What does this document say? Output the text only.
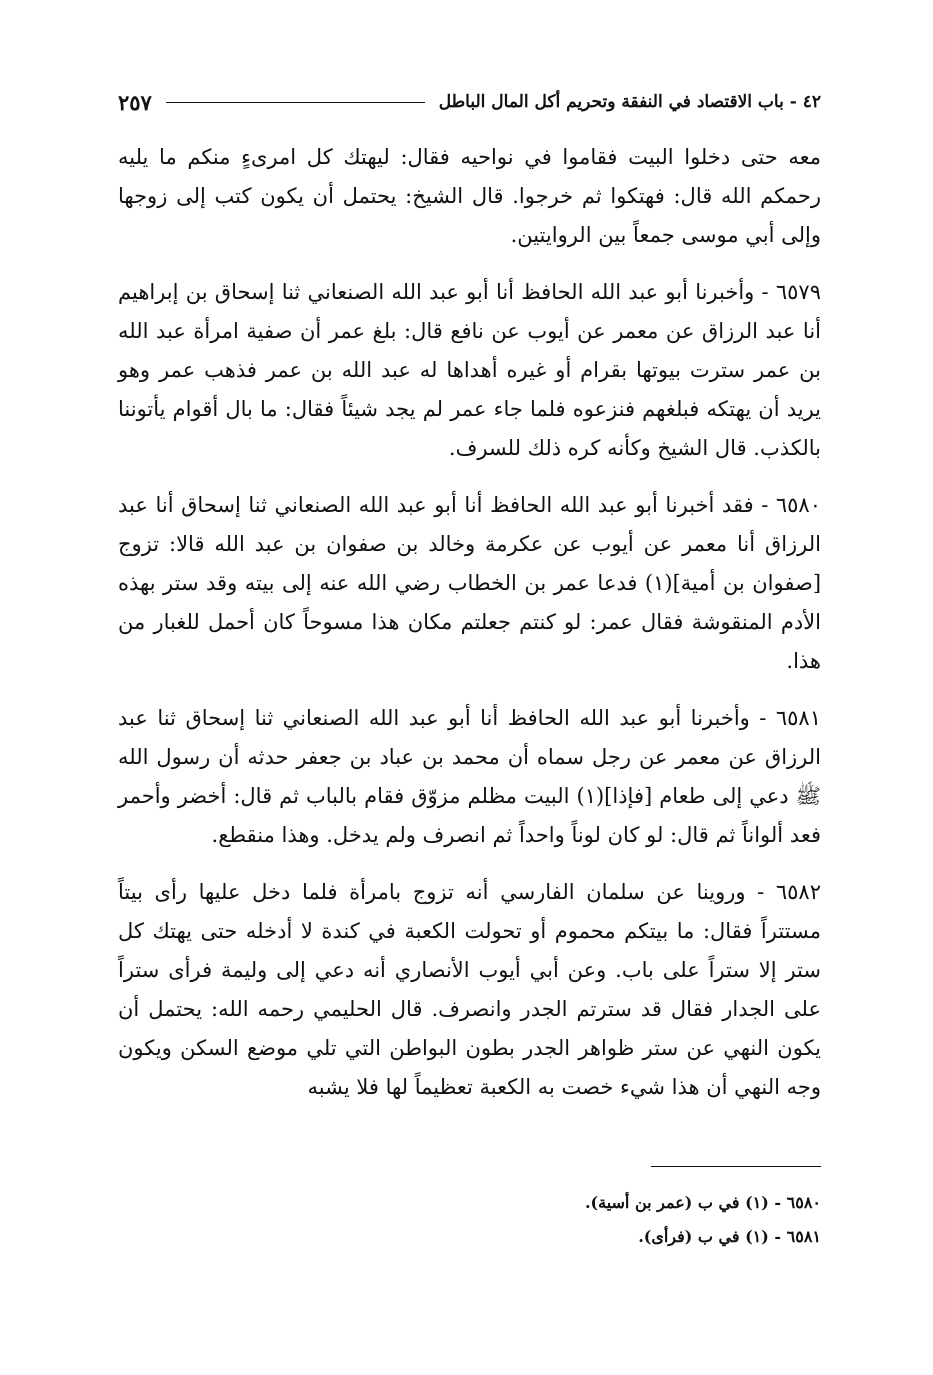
٤٢ - باب الاقتصاد في النفقة وتحريم أكل المال الباطل
٢٥٧

معه حتى دخلوا البيت فقاموا في نواحيه فقال: ليهتك كل امرىءٍ منكم ما يليه رحمكم الله قال: فهتكوا ثم خرجوا. قال الشيخ: يحتمل أن يكون كتب إلى زوجها وإلى أبي موسى جمعاً بين الروايتين.

٦٥٧٩ - وأخبرنا أبو عبد الله الحافظ أنا أبو عبد الله الصنعاني ثنا إسحاق بن إبراهيم أنا عبد الرزاق عن معمر عن أيوب عن نافع قال: بلغ عمر أن صفية امرأة عبد الله بن عمر سترت بيوتها بقرام أو غيره أهداها له عبد الله بن عمر فذهب عمر وهو يريد أن يهتكه فبلغهم فنزعوه فلما جاء عمر لم يجد شيئاً فقال: ما بال أقوام يأتوننا بالكذب. قال الشيخ وكأنه كره ذلك للسرف.

٦٥٨٠ - فقد أخبرنا أبو عبد الله الحافظ أنا أبو عبد الله الصنعاني ثنا إسحاق أنا عبد الرزاق أنا معمر عن أيوب عن عكرمة وخالد بن صفوان بن عبد الله قالا: تزوج [صفوان بن أمية](١) فدعا عمر بن الخطاب رضي الله عنه إلى بيته وقد ستر بهذه الأدم المنقوشة فقال عمر: لو كنتم جعلتم مكان هذا مسوحاً كان أحمل للغبار من هذا.

٦٥٨١ - وأخبرنا أبو عبد الله الحافظ أنا أبو عبد الله الصنعاني ثنا إسحاق ثنا عبد الرزاق عن معمر عن رجل سماه أن محمد بن عباد بن جعفر حدثه أن رسول الله ﷺ دعي إلى طعام [فإذا](١) البيت مظلم مزوّق فقام بالباب ثم قال: أخضر وأحمر فعد ألواناً ثم قال: لو كان لوناً واحداً ثم انصرف ولم يدخل. وهذا منقطع.

٦٥٨٢ - وروينا عن سلمان الفارسي أنه تزوج بامرأة فلما دخل عليها رأى بيتاً مستتراً فقال: ما بيتكم محموم أو تحولت الكعبة في كندة لا أدخله حتى يهتك كل ستر إلا ستراً على باب. وعن أبي أيوب الأنصاري أنه دعي إلى وليمة فرأى ستراً على الجدار فقال قد سترتم الجدر وانصرف. قال الحليمي رحمه الله: يحتمل أن يكون النهي عن ستر ظواهر الجدر بطون البواطن التي تلي موضع السكن ويكون وجه النهي أن هذا شيء خصت به الكعبة تعظيماً لها فلا يشبه

٦٥٨٠ - (١) في ب (عمر بن أسية).

٦٥٨١ - (١) في ب (فرأى).
